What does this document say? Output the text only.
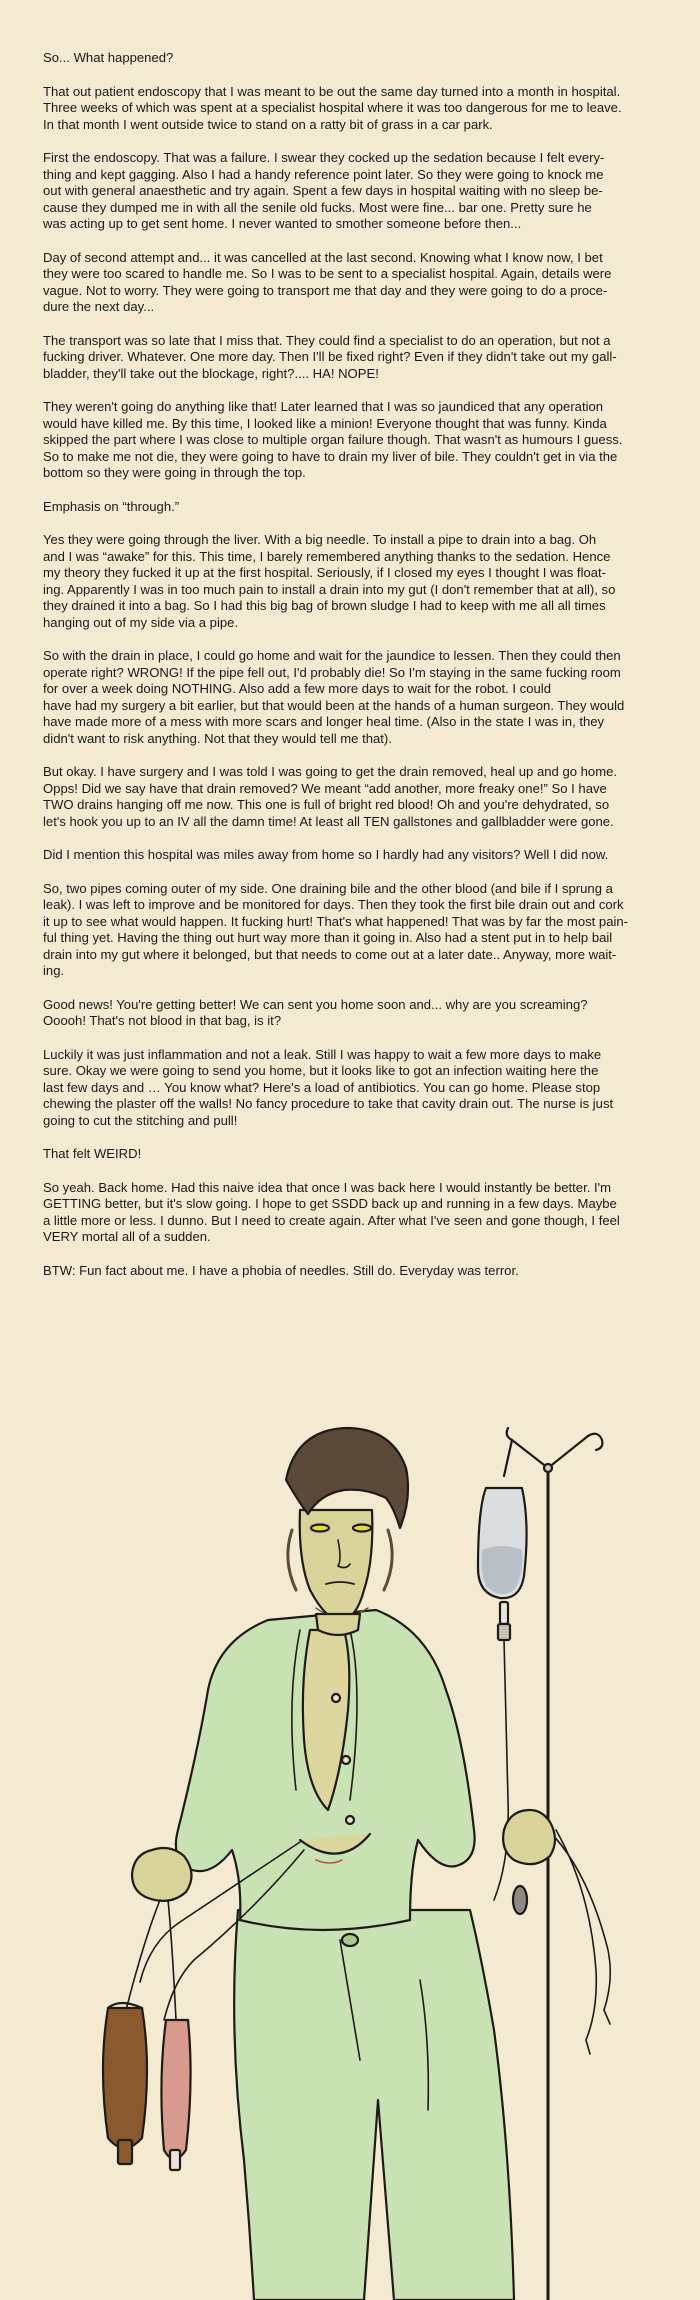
So... What happened?

That out patient endoscopy that I was meant to be out the same day turned into a month in hospital.
Three weeks of which was spent at a specialist hospital where it was too dangerous for me to leave.
In that month I went outside twice to stand on a ratty bit of grass in a car park.

First the endoscopy. That was a failure. I swear they cocked up the sedation because I felt every-
thing and kept gagging. Also I had a handy reference point later. So they were going to knock me
out with general anaesthetic and try again. Spent a few days in hospital waiting with no sleep be-
cause they dumped me in with all the senile old fucks. Most were fine... bar one. Pretty sure he
was acting up to get sent home. I never wanted to smother someone before then...

Day of second attempt and... it was cancelled at the last second. Knowing what I know now, I bet
they were too scared to handle me. So I was to be sent to a specialist hospital. Again, details were
vague. Not to worry. They were going to transport me that day and they were going to do a proce-
dure the next day...

The transport was so late that I miss that. They could find a specialist to do an operation, but not a
fucking driver. Whatever. One more day. Then I'll be fixed right? Even if they didn't take out my gall-
bladder, they'll take out the blockage, right?.... HA! NOPE!

They weren't going do anything like that! Later learned that I was so jaundiced that any operation
would have killed me. By this time, I looked like a minion! Everyone thought that was funny. Kinda
skipped the part where I was close to multiple organ failure though. That wasn't as humours I guess.
So to make me not die, they were going to have to drain my liver of bile. They couldn't get in via the
bottom so they were going in through the top.

Emphasis on “through.”

Yes they were going through the liver. With a big needle. To install a pipe to drain into a bag. Oh
and I was “awake” for this. This time, I barely remembered anything thanks to the sedation. Hence
my theory they fucked it up at the first hospital. Seriously, if I closed my eyes I thought I was float-
ing. Apparently I was in too much pain to install a drain into my gut (I don't remember that at all), so
they drained it into a bag. So I had this big bag of brown sludge I had to keep with me all all times
hanging out of my side via a pipe.

So with the drain in place, I could go home and wait for the jaundice to lessen. Then they could then
operate right? WRONG! If the pipe fell out, I'd probably die! So I'm staying in the same fucking room
for over a week doing NOTHING. Also add a few more days to wait for the robot. I could
have had my surgery a bit earlier, but that would been at the hands of a human surgeon. They would
have made more of a mess with more scars and longer heal time. (Also in the state I was in, they
didn't want to risk anything. Not that they would tell me that).

But okay. I have surgery and I was told I was going to get the drain removed, heal up and go home.
Opps! Did we say have that drain removed? We meant “add another, more freaky one!” So I have
TWO drains hanging off me now. This one is full of bright red blood! Oh and you're dehydrated, so
let's hook you up to an IV all the damn time! At least all TEN gallstones and gallbladder were gone.

Did I mention this hospital was miles away from home so I hardly had any visitors? Well I did now.

So, two pipes coming outer of my side. One draining bile and the other blood (and bile if I sprung a
leak). I was left to improve and be monitored for days. Then they took the first bile drain out and cork
it up to see what would happen. It fucking hurt! That's what happened! That was by far the most pain-
ful thing yet. Having the thing out hurt way more than it going in. Also had a stent put in to help bail
drain into my gut where it belonged, but that needs to come out at a later date.. Anyway, more wait-
ing.

Good news! You're getting better! We can sent you home soon and... why are you screaming?
Ooooh! That's not blood in that bag, is it?

Luckily it was just inflammation and not a leak. Still I was happy to wait a few more days to make
sure. Okay we were going to send you home, but it looks like to got an infection waiting here the
last few days and … You know what? Here's a load of antibiotics. You can go home. Please stop
chewing the plaster off the walls! No fancy procedure to take that cavity drain out. The nurse is just
going to cut the stitching and pull!

That felt WEIRD!

So yeah. Back home. Had this naive idea that once I was back here I would instantly be better. I'm
GETTING better, but it's slow going. I hope to get SSDD back up and running in a few days. Maybe
a little more or less. I dunno. But I need to create again. After what I've seen and gone though, I feel
VERY mortal all of a sudden.

BTW: Fun fact about me. I have a phobia of needles. Still do. Everyday was terror.
